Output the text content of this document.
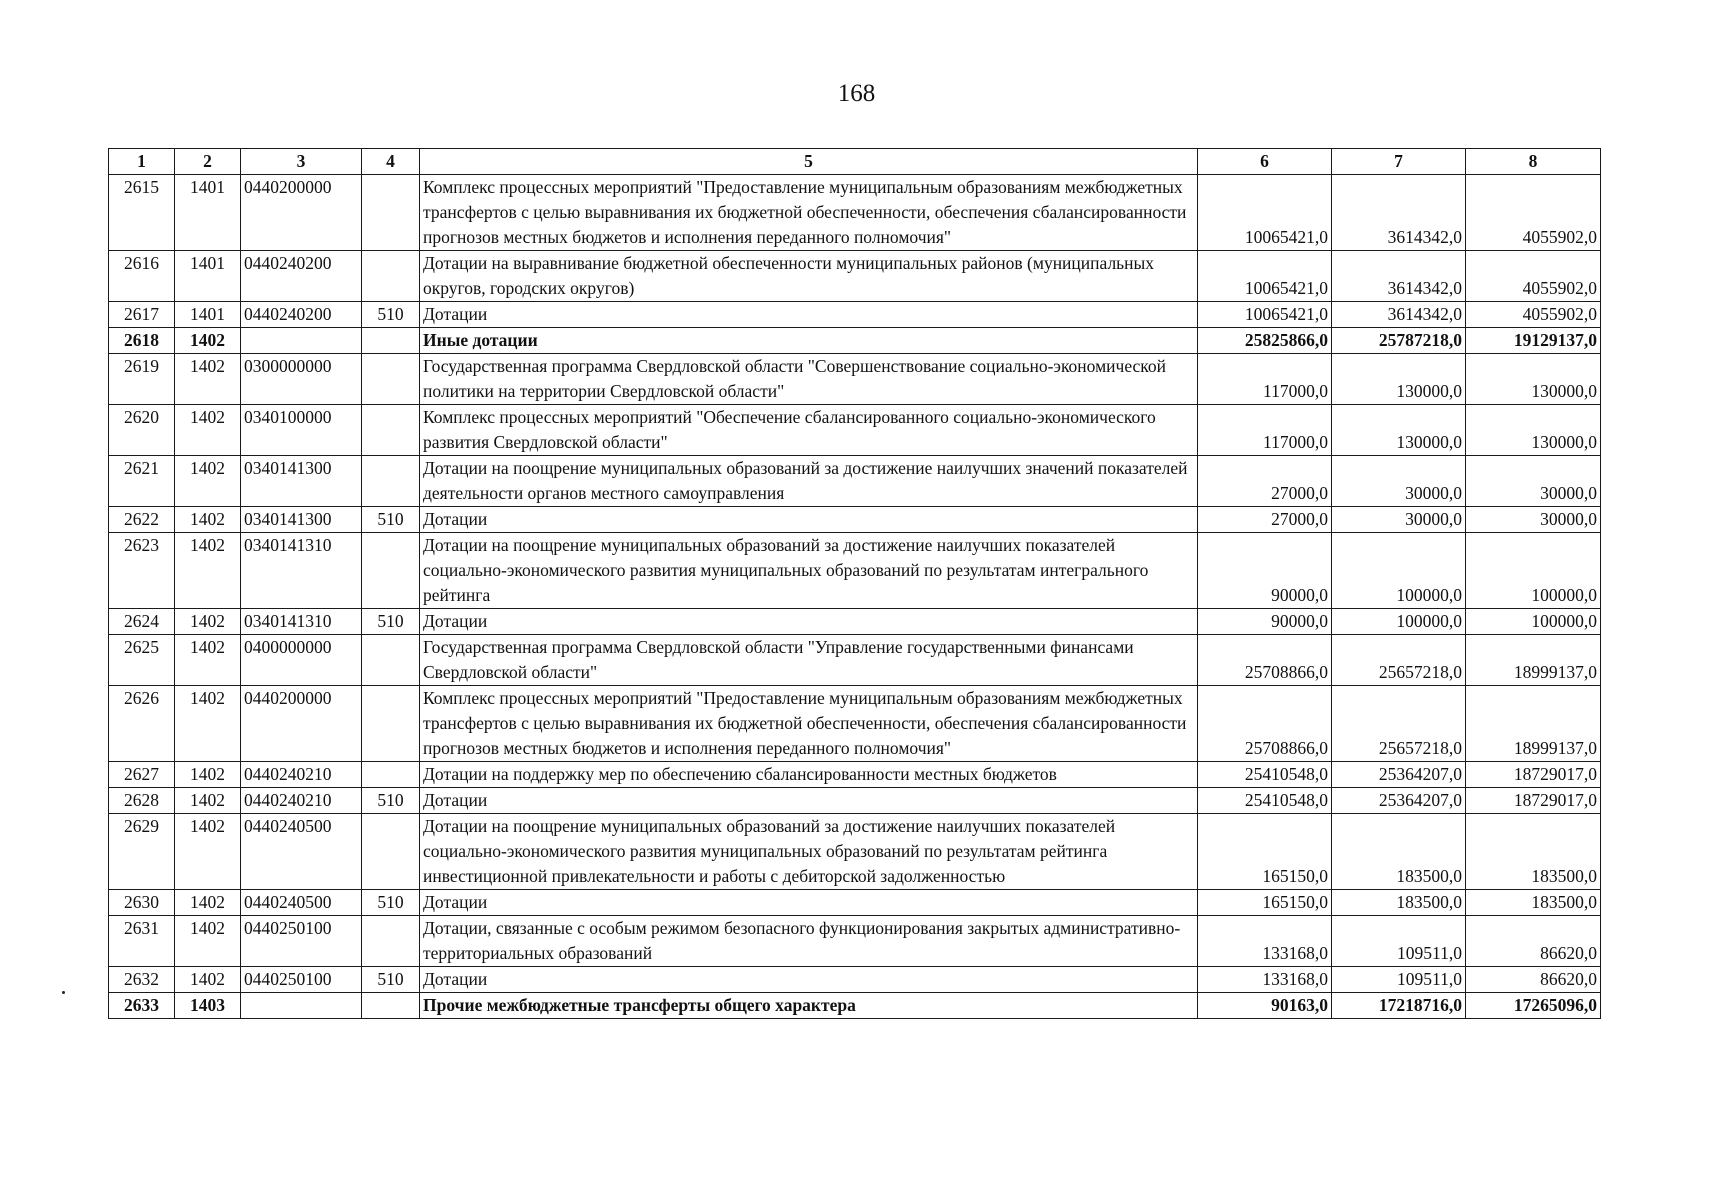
168
1	2	3	4	5	6	7	8
2615	1401	0440200000		Комплекс процессных мероприятий "Предоставление муниципальным образованиям межбюджетных трансфертов с целью выравнивания их бюджетной обеспеченности, обеспечения сбалансированности прогнозов местных бюджетов и исполнения переданного полномочия"	10065421,0	3614342,0	4055902,0
2616	1401	0440240200		Дотации на выравнивание бюджетной обеспеченности муниципальных районов (муниципальных округов, городских округов)	10065421,0	3614342,0	4055902,0
2617	1401	0440240200	510	Дотации	10065421,0	3614342,0	4055902,0
2618	1402			Иные дотации	25825866,0	25787218,0	19129137,0
2619	1402	0300000000		Государственная программа Свердловской области "Совершенствование социально-экономической политики на территории Свердловской области"	117000,0	130000,0	130000,0
2620	1402	0340100000		Комплекс процессных мероприятий "Обеспечение сбалансированного социально-экономического развития Свердловской области"	117000,0	130000,0	130000,0
2621	1402	0340141300		Дотации на поощрение муниципальных образований за достижение наилучших значений показателей деятельности органов местного самоуправления	27000,0	30000,0	30000,0
2622	1402	0340141300	510	Дотации	27000,0	30000,0	30000,0
2623	1402	0340141310		Дотации на поощрение муниципальных образований за достижение наилучших показателей социально-экономического развития муниципальных образований по результатам интегрального рейтинга	90000,0	100000,0	100000,0
2624	1402	0340141310	510	Дотации	90000,0	100000,0	100000,0
2625	1402	0400000000		Государственная программа Свердловской области "Управление государственными финансами Свердловской области"	25708866,0	25657218,0	18999137,0
2626	1402	0440200000		Комплекс процессных мероприятий "Предоставление муниципальным образованиям межбюджетных трансфертов с целью выравнивания их бюджетной обеспеченности, обеспечения сбалансированности прогнозов местных бюджетов и исполнения переданного полномочия"	25708866,0	25657218,0	18999137,0
2627	1402	0440240210		Дотации на поддержку мер по обеспечению сбалансированности местных бюджетов	25410548,0	25364207,0	18729017,0
2628	1402	0440240210	510	Дотации	25410548,0	25364207,0	18729017,0
2629	1402	0440240500		Дотации на поощрение муниципальных образований за достижение наилучших показателей социально-экономического развития муниципальных образований по результатам рейтинга инвестиционной привлекательности и работы с дебиторской задолженностью	165150,0	183500,0	183500,0
2630	1402	0440240500	510	Дотации	165150,0	183500,0	183500,0
2631	1402	0440250100		Дотации, связанные с особым режимом безопасного функционирования закрытых административно-территориальных образований	133168,0	109511,0	86620,0
2632	1402	0440250100	510	Дотации	133168,0	109511,0	86620,0
2633	1403			Прочие межбюджетные трансферты общего характера	90163,0	17218716,0	17265096,0
